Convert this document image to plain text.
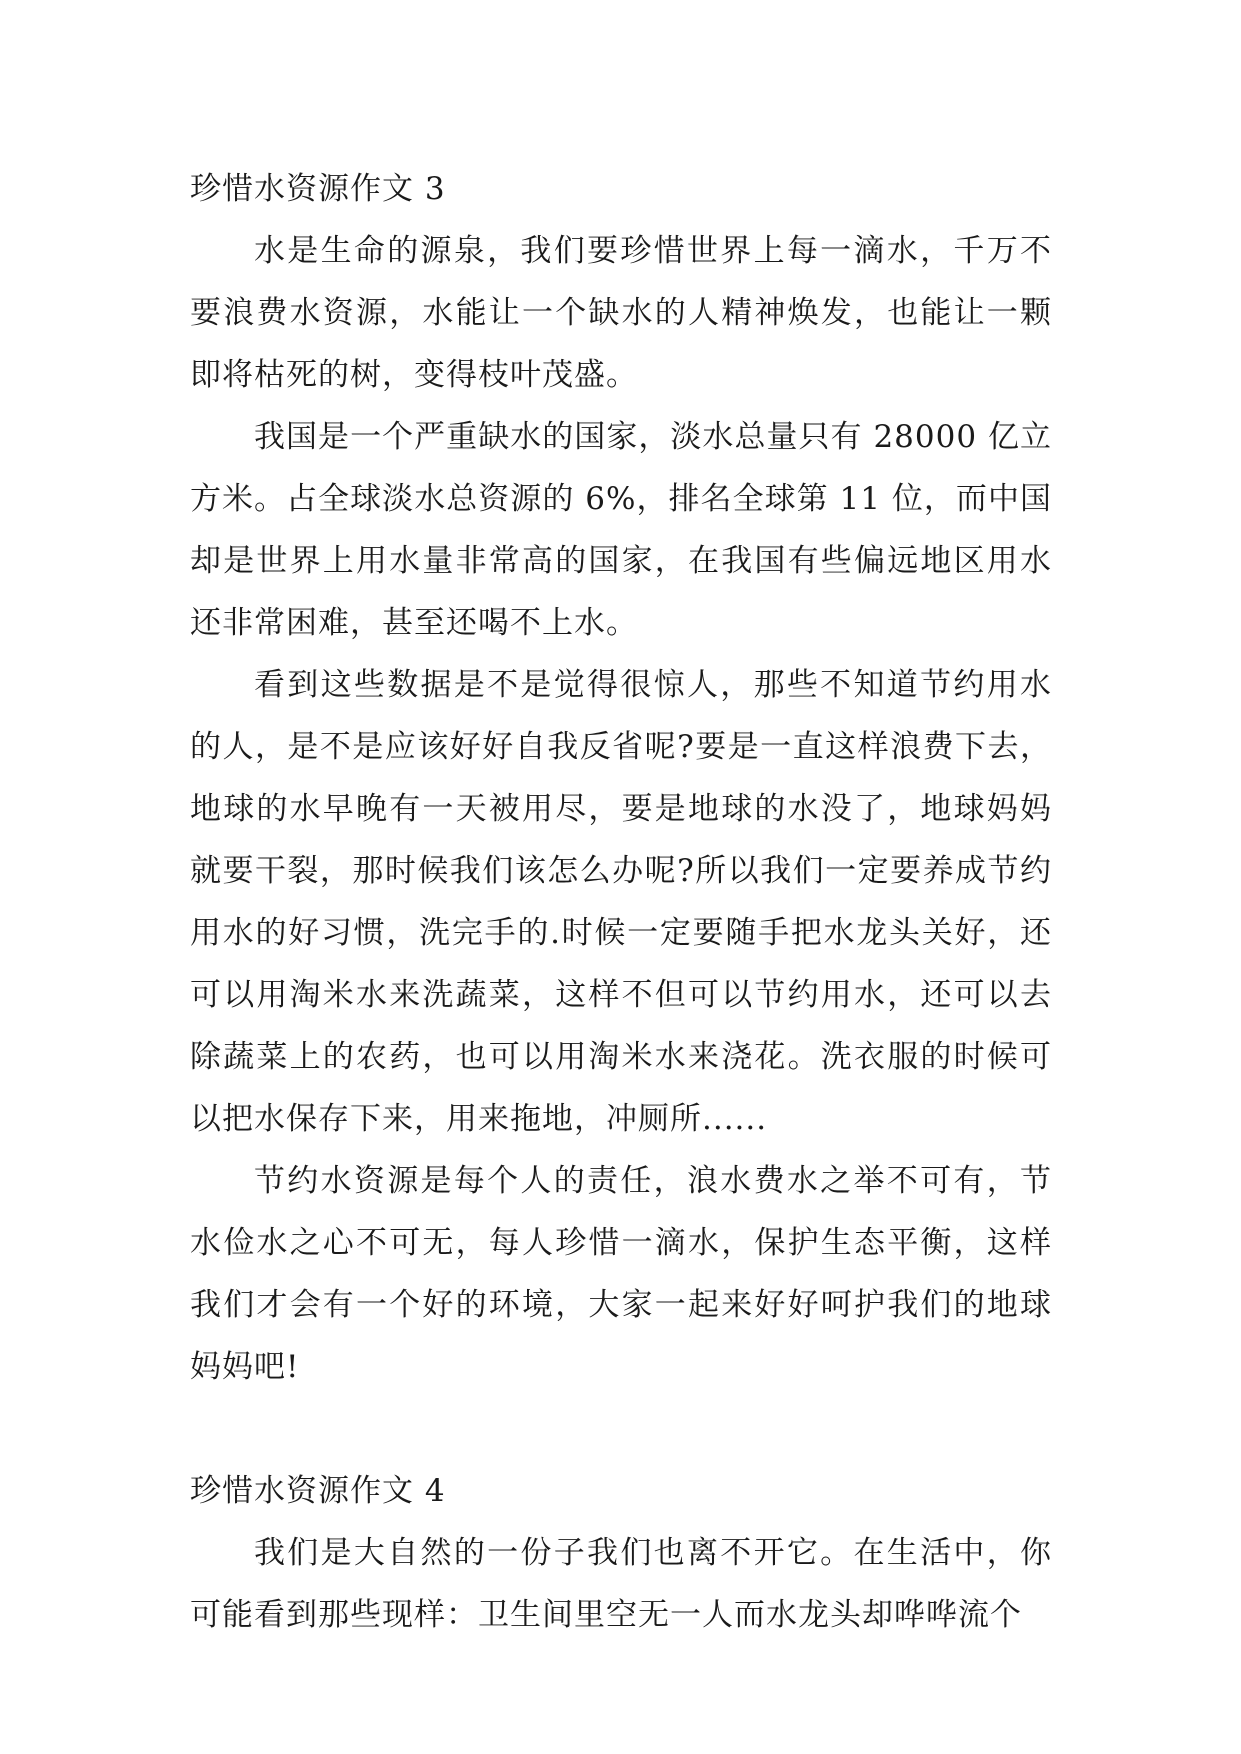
珍惜水资源作文 3

水是生命的源泉，我们要珍惜世界上每一滴水，千万不要浪费水资源，水能让一个缺水的人精神焕发，也能让一颗即将枯死的树，变得枝叶茂盛。

我国是一个严重缺水的国家，淡水总量只有 28000 亿立方米。占全球淡水总资源的 6%，排名全球第 11 位，而中国却是世界上用水量非常高的国家，在我国有些偏远地区用水还非常困难，甚至还喝不上水。

看到这些数据是不是觉得很惊人，那些不知道节约用水的人，是不是应该好好自我反省呢?要是一直这样浪费下去，地球的水早晚有一天被用尽，要是地球的水没了，地球妈妈就要干裂，那时候我们该怎么办呢?所以我们一定要养成节约用水的好习惯，洗完手的.时候一定要随手把水龙头关好，还可以用淘米水来洗蔬菜，这样不但可以节约用水，还可以去除蔬菜上的农药，也可以用淘米水来浇花。洗衣服的时候可以把水保存下来，用来拖地，冲厕所......

节约水资源是每个人的责任，浪水费水之举不可有，节水俭水之心不可无，每人珍惜一滴水，保护生态平衡，这样我们才会有一个好的环境，大家一起来好好呵护我们的地球妈妈吧!

珍惜水资源作文 4

我们是大自然的一份子我们也离不开它。在生活中，你可能看到那些现样：卫生间里空无一人而水龙头却哗哗流个
